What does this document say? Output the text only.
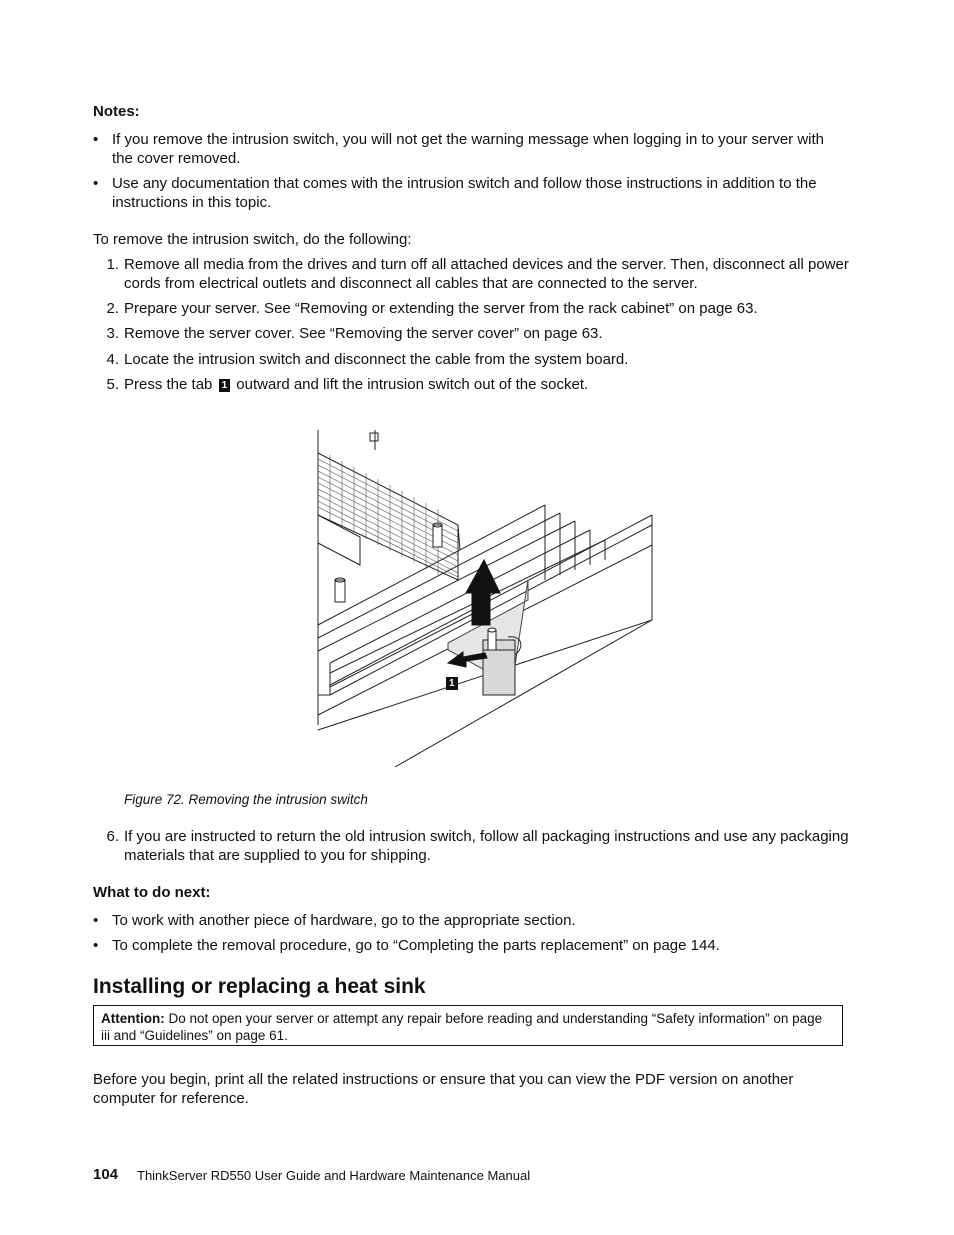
Notes:
• If you remove the intrusion switch, you will not get the warning message when logging in to your server with the cover removed.
• Use any documentation that comes with the intrusion switch and follow those instructions in addition to the instructions in this topic.
To remove the intrusion switch, do the following:
1. Remove all media from the drives and turn off all attached devices and the server. Then, disconnect all power cords from electrical outlets and disconnect all cables that are connected to the server.
2. Prepare your server. See “Removing or extending the server from the rack cabinet” on page 63.
3. Remove the server cover. See “Removing the server cover” on page 63.
4. Locate the intrusion switch and disconnect the cable from the system board.
5. Press the tab 1 outward and lift the intrusion switch out of the socket.
1
Figure 72. Removing the intrusion switch
6. If you are instructed to return the old intrusion switch, follow all packaging instructions and use any packaging materials that are supplied to you for shipping.
What to do next:
• To work with another piece of hardware, go to the appropriate section.
• To complete the removal procedure, go to “Completing the parts replacement” on page 144.
Installing or replacing a heat sink
Attention: Do not open your server or attempt any repair before reading and understanding “Safety information” on page iii and “Guidelines” on page 61.
Before you begin, print all the related instructions or ensure that you can view the PDF version on another computer for reference.
104 ThinkServer RD550 User Guide and Hardware Maintenance Manual
